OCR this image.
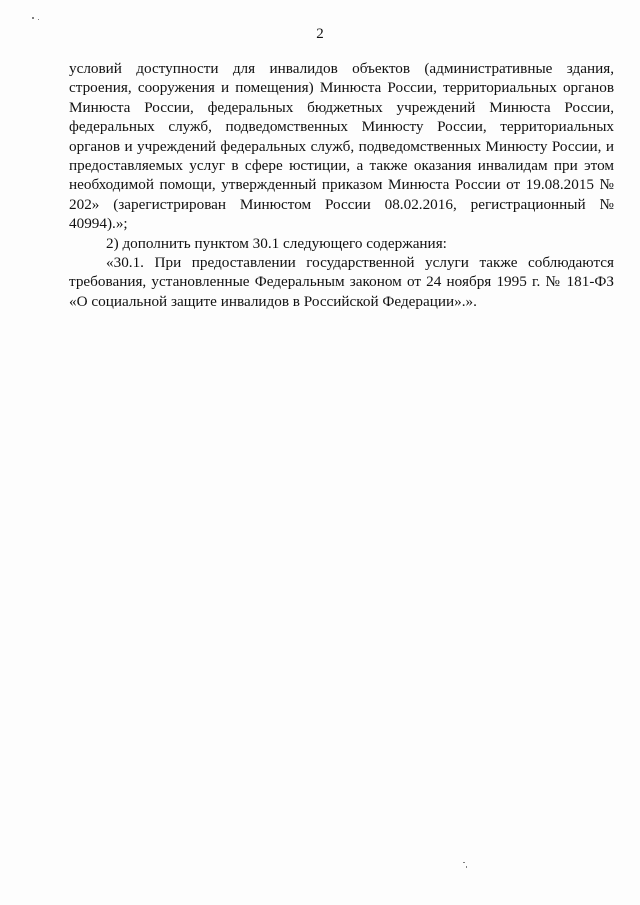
2

условий доступности для инвалидов объектов (административные здания, строения, сооружения и помещения) Минюста России, территориальных органов Минюста России, федеральных бюджетных учреждений Минюста России, федеральных служб, подведомственных Минюсту России, территориальных органов и учреждений федеральных служб, подведомственных Минюсту России, и предоставляемых услуг в сфере юстиции, а также оказания инвалидам при этом необходимой помощи, утвержденный приказом Минюста России от 19.08.2015 № 202» (зарегистрирован Минюстом России 08.02.2016, регистрационный № 40994).»;

2) дополнить пунктом 30.1 следующего содержания:

«30.1. При предоставлении государственной услуги также соблюдаются требования, установленные Федеральным законом от 24 ноября 1995 г. № 181-ФЗ «О социальной защите инвалидов в Российской Федерации».».
